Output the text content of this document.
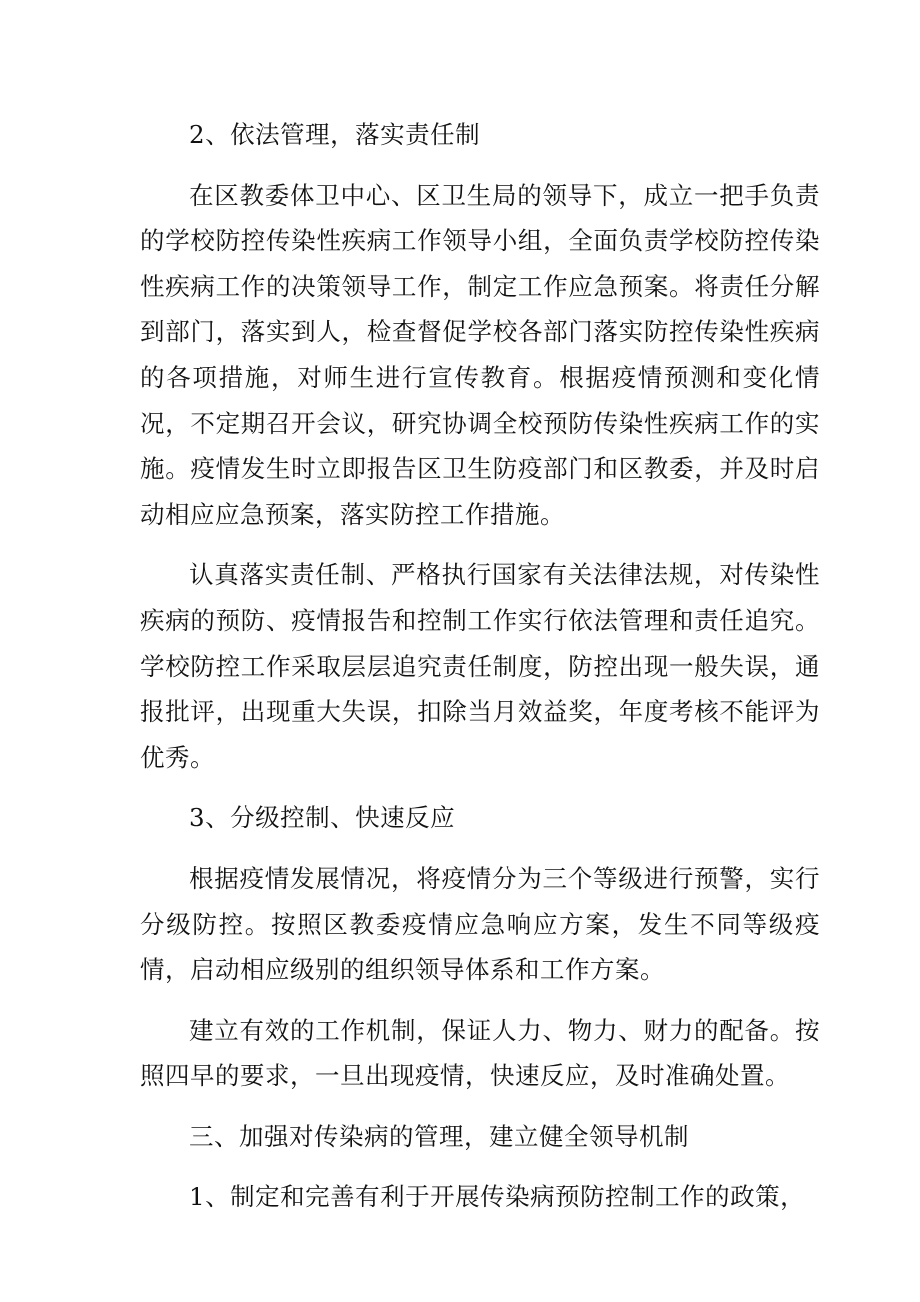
2、依法管理，落实责任制

在区教委体卫中心、区卫生局的领导下，成立一把手负责的学校防控传染性疾病工作领导小组，全面负责学校防控传染性疾病工作的决策领导工作，制定工作应急预案。将责任分解到部门，落实到人，检查督促学校各部门落实防控传染性疾病的各项措施，对师生进行宣传教育。根据疫情预测和变化情况，不定期召开会议，研究协调全校预防传染性疾病工作的实施。疫情发生时立即报告区卫生防疫部门和区教委，并及时启动相应应急预案，落实防控工作措施。

认真落实责任制、严格执行国家有关法律法规，对传染性疾病的预防、疫情报告和控制工作实行依法管理和责任追究。学校防控工作采取层层追究责任制度，防控出现一般失误，通报批评，出现重大失误，扣除当月效益奖，年度考核不能评为优秀。

3、分级控制、快速反应

根据疫情发展情况，将疫情分为三个等级进行预警，实行分级防控。按照区教委疫情应急响应方案，发生不同等级疫情，启动相应级别的组织领导体系和工作方案。

建立有效的工作机制，保证人力、物力、财力的配备。按照四早的要求，一旦出现疫情，快速反应，及时准确处置。

三、加强对传染病的管理，建立健全领导机制

1、制定和完善有利于开展传染病预防控制工作的政策，
